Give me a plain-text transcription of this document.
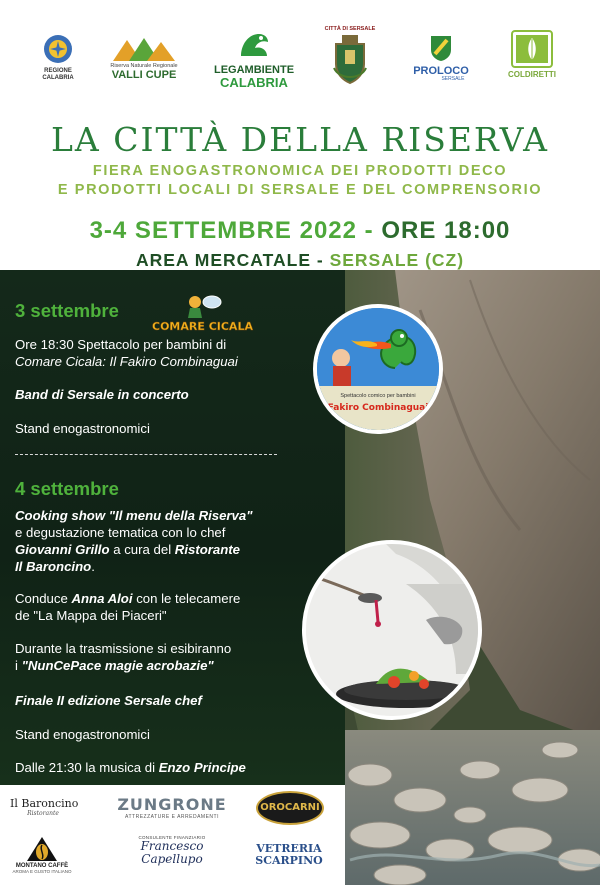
REGIONE
CALABRIA
Riserva Naturale Regionale
VALLI CUPE	LEGAMBIENTE
CALABRIA
CITTÀ DI SERSALE
PROLOCO
SERSALE
COLDIRETTI
LA CITTÀ DELLA RISERVA
FIERA ENOGASTRONOMICA DEI PRODOTTI DECO
E PRODOTTI LOCALI DI SERSALE E DEL COMPRENSORIO
3-4 SETTEMBRE 2022 - ORE 18:00
AREA MERCATALE - SERSALE (CZ)
3 settembre
COMARE CICALA
Ore 18:30 Spettacolo per bambini di
Comare Cicala: Il Fakiro Combinaguai
Band di Sersale in concerto
Stand enogastronomici
4 settembre
Cooking show "Il menu della Riserva"
e degustazione tematica con lo chef
Giovanni Grillo a cura del Ristorante
Il Baroncino.
Conduce Anna Aloi con le telecamere
de "La Mappa dei Piaceri"
Durante la trasmissione si esibiranno
i "NunCePace magie acrobazie"
Finale II edizione Sersale chef
Stand enogastronomici
Dalle 21:30 la musica di Enzo Principe
Spettacolo comico per bambini
Fakiro Combinaguai
Il Baroncino
Ristorante	ZUNGRONE
ATTREZZATURE E ARREDAMENTI
OROCARNI
MONTANO CAFFÈ
AROMA E GUSTO ITALIANO
CONSULENTE FINANZIARIO
Francesco
Capellupo
VETRERIA
SCARPINO
